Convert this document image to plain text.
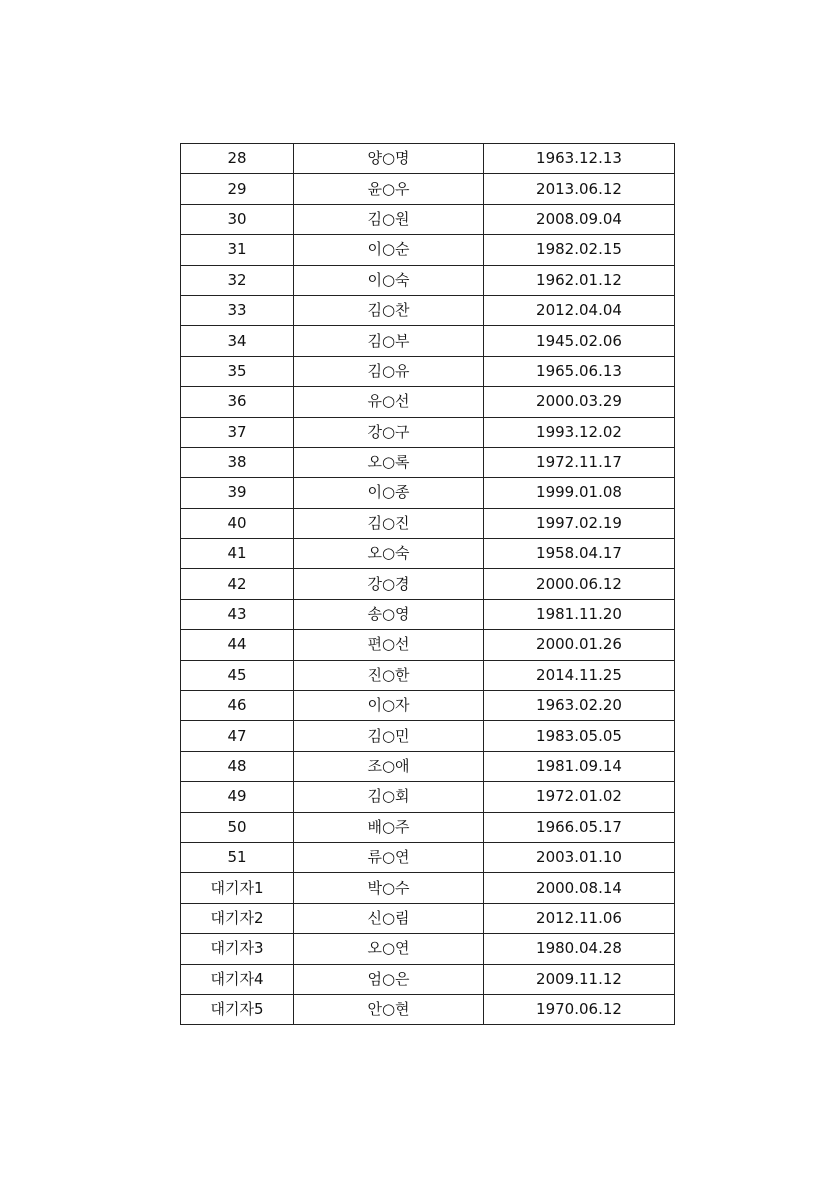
28	양○명	1963.12.13
29	윤○우	2013.06.12
30	김○원	2008.09.04
31	이○순	1982.02.15
32	이○숙	1962.01.12
33	김○찬	2012.04.04
34	김○부	1945.02.06
35	김○유	1965.06.13
36	유○선	2000.03.29
37	강○구	1993.12.02
38	오○록	1972.11.17
39	이○종	1999.01.08
40	김○진	1997.02.19
41	오○숙	1958.04.17
42	강○경	2000.06.12
43	송○영	1981.11.20
44	편○선	2000.01.26
45	진○한	2014.11.25
46	이○자	1963.02.20
47	김○민	1983.05.05
48	조○애	1981.09.14
49	김○회	1972.01.02
50	배○주	1966.05.17
51	류○연	2003.01.10
대기자1	박○수	2000.08.14
대기자2	신○림	2012.11.06
대기자3	오○연	1980.04.28
대기자4	엄○은	2009.11.12
대기자5	안○현	1970.06.12
